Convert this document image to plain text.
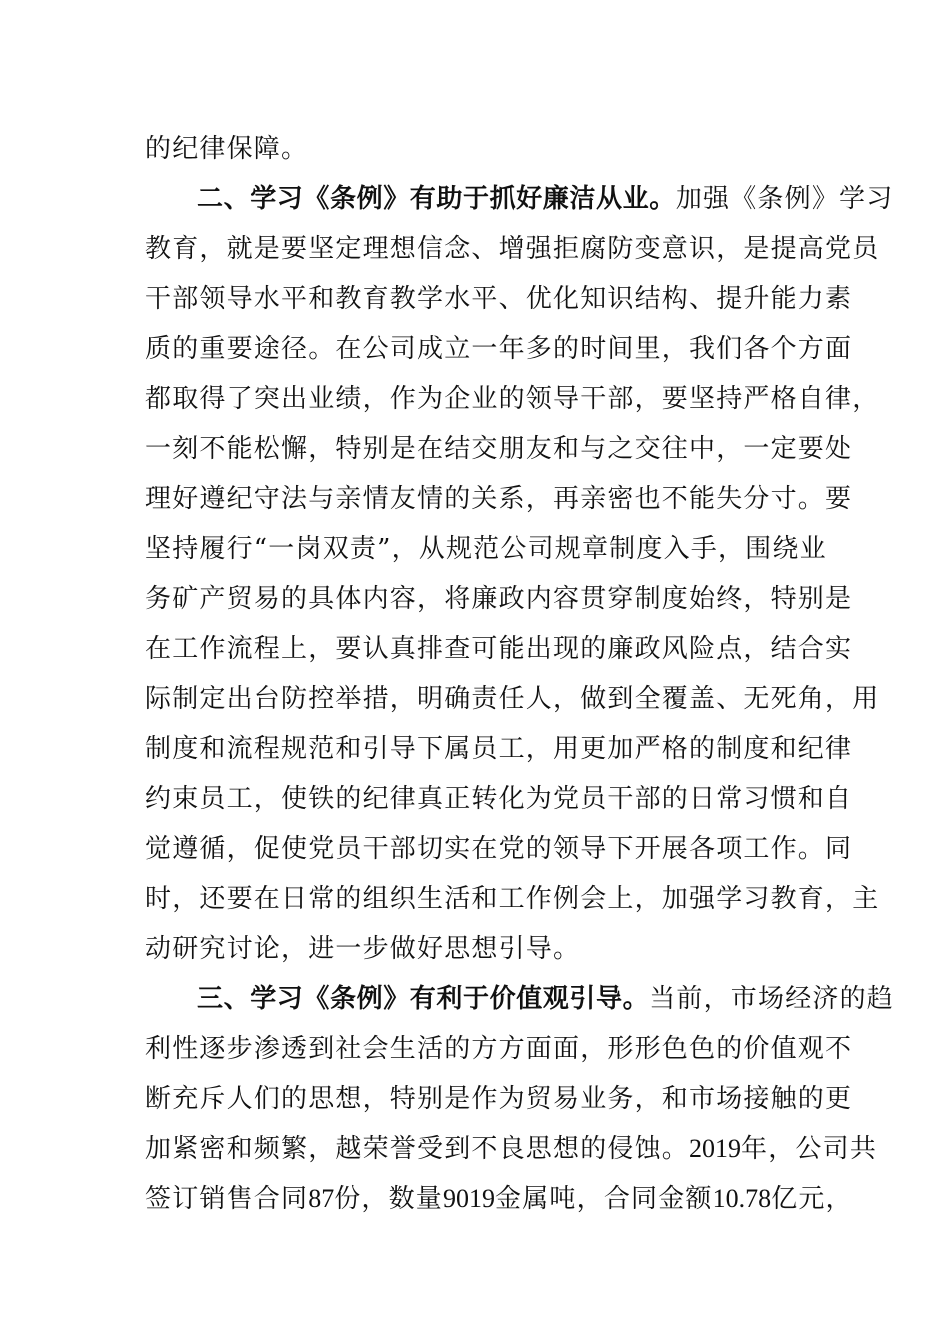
的纪律保障。
二、学习《条例》有助于抓好廉洁从业。加强《条例》学习
教育，就是要坚定理想信念、增强拒腐防变意识，是提高党员
干部领导水平和教育教学水平、优化知识结构、提升能力素
质的重要途径。在公司成立一年多的时间里，我们各个方面
都取得了突出业绩，作为企业的领导干部，要坚持严格自律，
一刻不能松懈，特别是在结交朋友和与之交往中，一定要处
理好遵纪守法与亲情友情的关系，再亲密也不能失分寸。要
坚持履行“一岗双责”，从规范公司规章制度入手，围绕业
务矿产贸易的具体内容，将廉政内容贯穿制度始终，特别是
在工作流程上，要认真排查可能出现的廉政风险点，结合实
际制定出台防控举措，明确责任人，做到全覆盖、无死角，用
制度和流程规范和引导下属员工，用更加严格的制度和纪律
约束员工，使铁的纪律真正转化为党员干部的日常习惯和自
觉遵循，促使党员干部切实在党的领导下开展各项工作。同
时，还要在日常的组织生活和工作例会上，加强学习教育，主
动研究讨论，进一步做好思想引导。
三、学习《条例》有利于价值观引导。当前，市场经济的趋
利性逐步渗透到社会生活的方方面面，形形色色的价值观不
断充斥人们的思想，特别是作为贸易业务，和市场接触的更
加紧密和频繁，越荣誉受到不良思想的侵蚀。2019年，公司共
签订销售合同87份，数量9019金属吨，合同金额10.78亿元，
